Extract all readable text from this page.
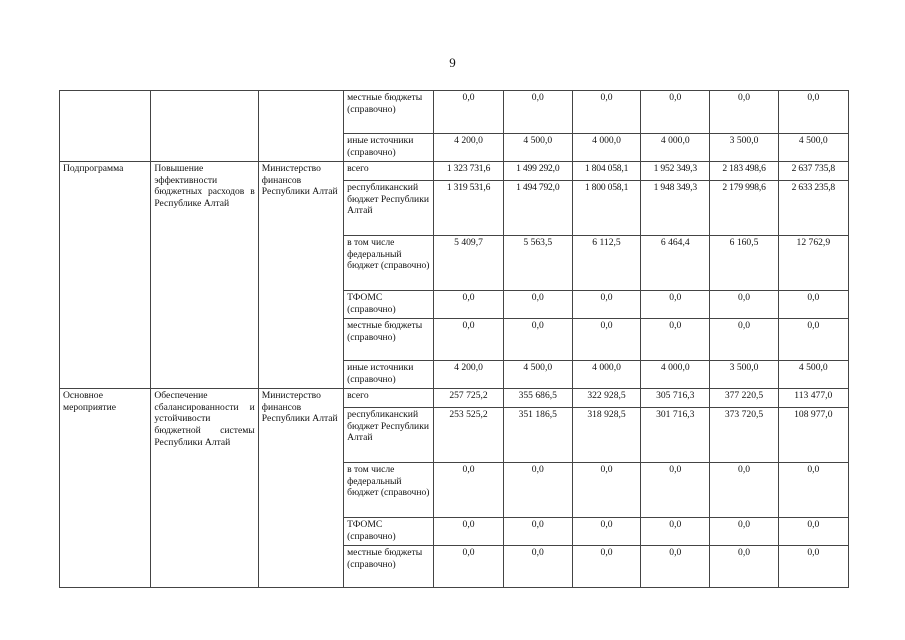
9
			местные бюджеты (справочно)	0,0	0,0	0,0	0,0	0,0	0,0
			иные источники (справочно)	4 200,0	4 500,0	4 000,0	4 000,0	3 500,0	4 500,0
Подпрограмма	Повышение эффективности бюджетных расходов в Республике Алтай	Министерство финансов Республики Алтай	всего	1 323 731,6	1 499 292,0	1 804 058,1	1 952 349,3	2 183 498,6	2 637 735,8
			республиканский бюджет Республики Алтай	1 319 531,6	1 494 792,0	1 800 058,1	1 948 349,3	2 179 998,6	2 633 235,8
			в том числе федеральный бюджет (справочно)	5 409,7	5 563,5	6 112,5	6 464,4	6 160,5	12 762,9
			ТФОМС (справочно)	0,0	0,0	0,0	0,0	0,0	0,0
			местные бюджеты (справочно)	0,0	0,0	0,0	0,0	0,0	0,0
			иные источники (справочно)	4 200,0	4 500,0	4 000,0	4 000,0	3 500,0	4 500,0
Основное мероприятие	Обеспечение сбалансированности и устойчивости бюджетной системы Республики Алтай	Министерство финансов Республики Алтай	всего	257 725,2	355 686,5	322 928,5	305 716,3	377 220,5	113 477,0
			республиканский бюджет Республики Алтай	253 525,2	351 186,5	318 928,5	301 716,3	373 720,5	108 977,0
			в том числе федеральный бюджет (справочно)	0,0	0,0	0,0	0,0	0,0	0,0
			ТФОМС (справочно)	0,0	0,0	0,0	0,0	0,0	0,0
			местные бюджеты (справочно)	0,0	0,0	0,0	0,0	0,0	0,0
